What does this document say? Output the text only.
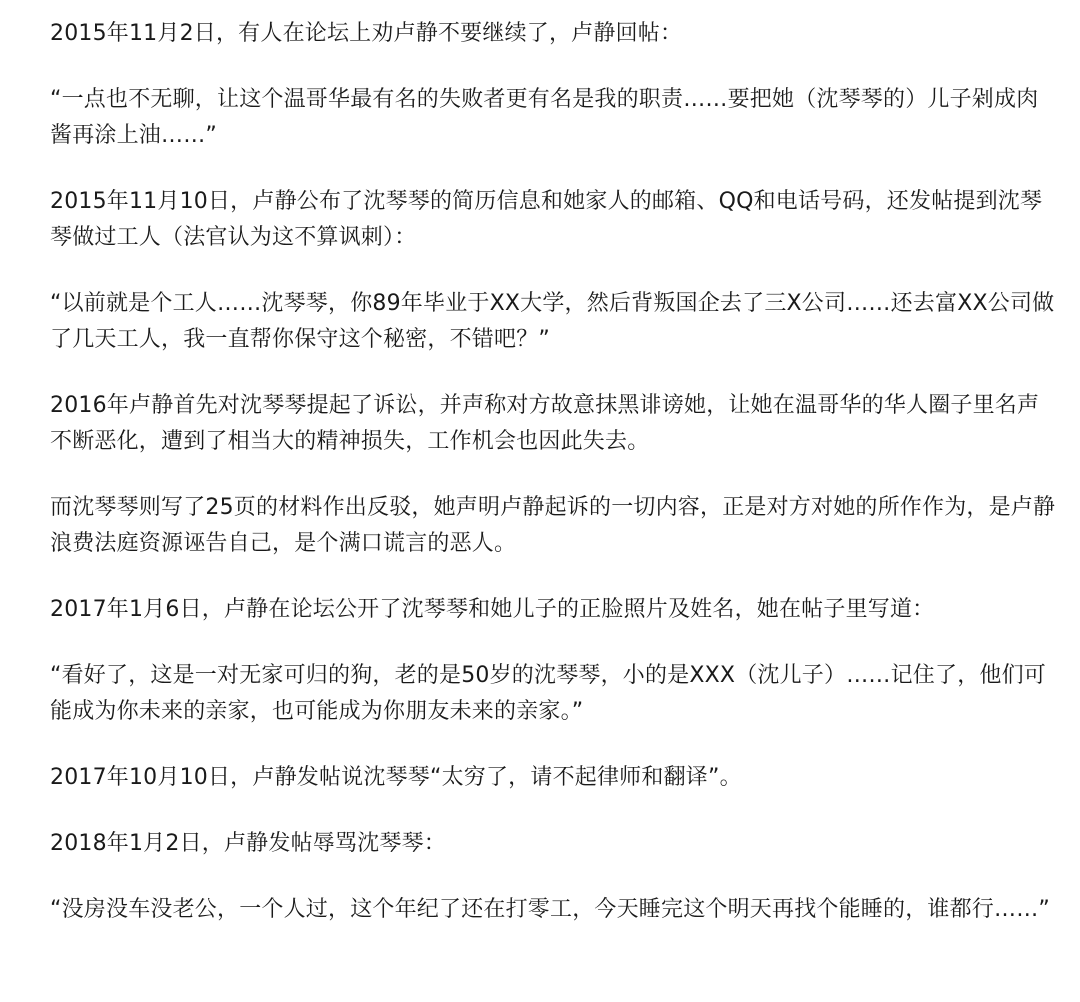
2015年11月2日，有人在论坛上劝卢静不要继续了，卢静回帖：

“一点也不无聊，让这个温哥华最有名的失败者更有名是我的职责……要把她（沈琴琴的）儿子剁成肉酱再涂上油……”

2015年11月10日，卢静公布了沈琴琴的简历信息和她家人的邮箱、QQ和电话号码，还发帖提到沈琴琴做过工人（法官认为这不算讽刺）：

“以前就是个工人……沈琴琴，你89年毕业于XX大学，然后背叛国企去了三X公司……还去富XX公司做了几天工人，我一直帮你保守这个秘密，不错吧？”

2016年卢静首先对沈琴琴提起了诉讼，并声称对方故意抹黑诽谤她，让她在温哥华的华人圈子里名声不断恶化，遭到了相当大的精神损失，工作机会也因此失去。

而沈琴琴则写了25页的材料作出反驳，她声明卢静起诉的一切内容，正是对方对她的所作作为，是卢静浪费法庭资源诬告自己，是个满口谎言的恶人。

2017年1月6日，卢静在论坛公开了沈琴琴和她儿子的正脸照片及姓名，她在帖子里写道：

“看好了，这是一对无家可归的狗，老的是50岁的沈琴琴，小的是XXX（沈儿子）……记住了，他们可能成为你未来的亲家，也可能成为你朋友未来的亲家。”

2017年10月10日，卢静发帖说沈琴琴“太穷了，请不起律师和翻译”。

2018年1月2日，卢静发帖辱骂沈琴琴：

“没房没车没老公，一个人过，这个年纪了还在打零工，今天睡完这个明天再找个能睡的，谁都行……”
